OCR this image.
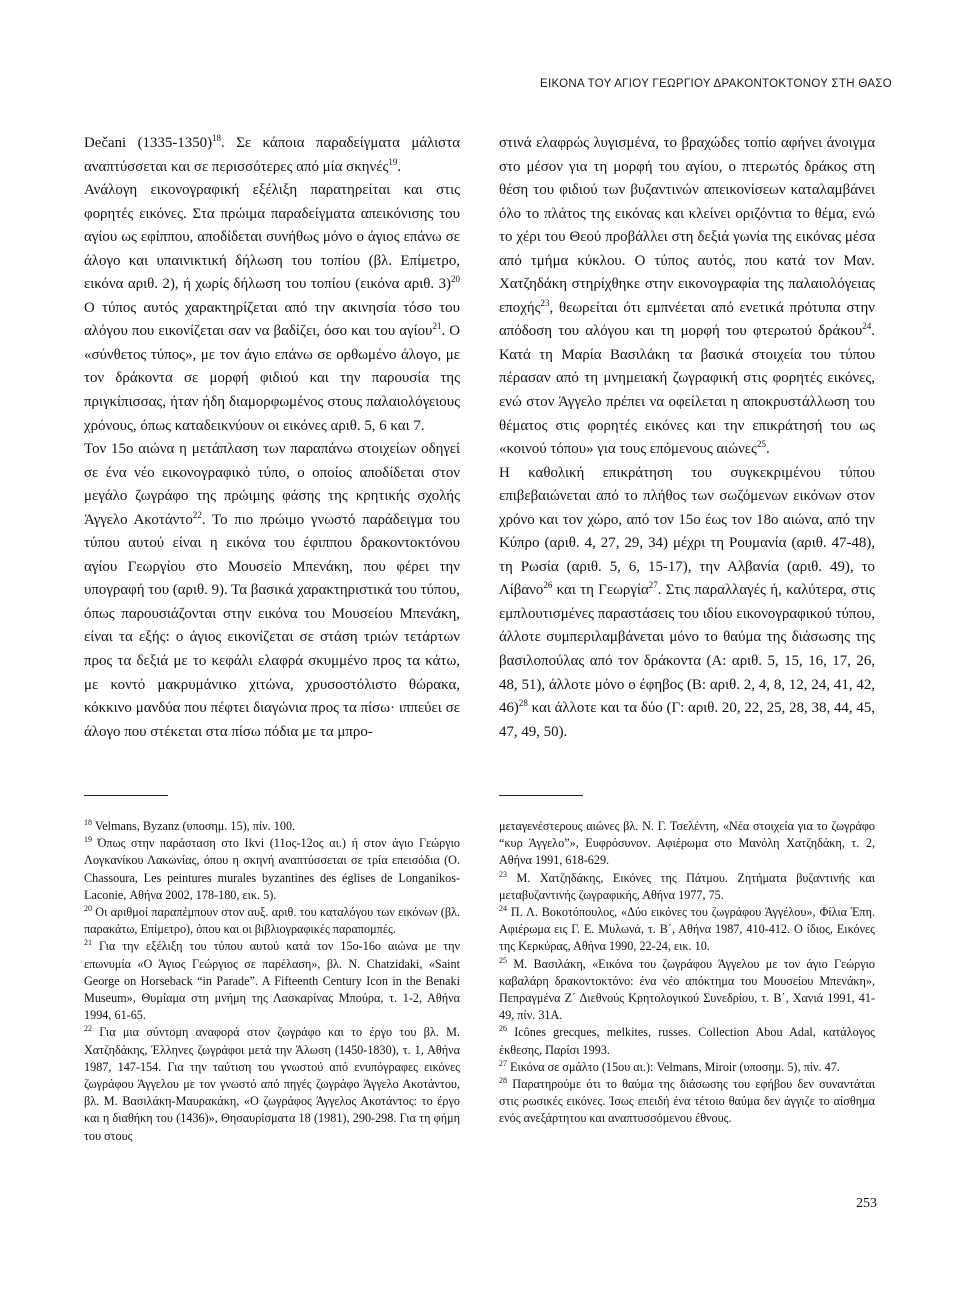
ΕΙΚΟΝΑ ΤΟΥ ΑΓΙΟΥ ΓΕΩΡΓΙΟΥ ΔΡΑΚΟΝΤΟΚΤΟΝΟΥ ΣΤΗ ΘΑΣΟ

Dečani (1335-1350)$^{18}$. Σε κάποια παραδείγματα μάλιστα αναπτύσσεται και σε περισσότερες από μία σκηνές$^{19}$.

Ανάλογη εικονογραφική εξέλιξη παρατηρείται και στις φορητές εικόνες. Στα πρώιμα παραδείγματα απεικόνισης του αγίου ως εφίππου, αποδίδεται συνήθως μόνο ο άγιος επάνω σε άλογο και υπαινικτική δήλωση του τοπίου (βλ. Επίμετρο, εικόνα αριθ. 2), ή χωρίς δήλωση του τοπίου (εικόνα αριθ. 3)$^{20}$ Ο τύπος αυτός χαρακτηρίζεται από την ακινησία τόσο του αλόγου που εικονίζεται σαν να βαδίζει, όσο και του αγίου$^{21}$. Ο «σύνθετος τύπος», με τον άγιο επάνω σε ορθωμένο άλογο, με τον δράκοντα σε μορφή φιδιού και την παρουσία της πριγκίπισσας, ήταν ήδη διαμορφωμένος στους παλαιολόγειους χρόνους, όπως καταδεικνύουν οι εικόνες αριθ. 5, 6 και 7.

Τον 15ο αιώνα η μετάπλαση των παραπάνω στοιχείων οδηγεί σε ένα νέο εικονογραφικό τύπο, ο οποίος αποδίδεται στον μεγάλο ζωγράφο της πρώιμης φάσης της κρητικής σχολής Άγγελο Ακοτάντο$^{22}$. Το πιο πρώιμο γνωστό παράδειγμα του τύπου αυτού είναι η εικόνα του έφιππου δρακοντοκτόνου αγίου Γεωργίου στο Μουσείο Μπενάκη, που φέρει την υπογραφή του (αριθ. 9). Τα βασικά χαρακτηριστικά του τύπου, όπως παρουσιάζονται στην εικόνα του Μουσείου Μπενάκη, είναι τα εξής: ο άγιος εικονίζεται σε στάση τριών τετάρτων προς τα δεξιά με το κεφάλι ελαφρά σκυμμένο προς τα κάτω, με κοντό μακρυμάνικο χιτώνα, χρυσοστόλιστο θώρακα, κόκκινο μανδύα που πέφτει διαγώνια προς τα πίσω· ιππεύει σε άλογο που στέκεται στα πίσω πόδια με τα μπρο-

στινά ελαφρώς λυγισμένα, το βραχώδες τοπίο αφήνει άνοιγμα στο μέσον για τη μορφή του αγίου, ο πτερωτός δράκος στη θέση του φιδιού των βυζαντινών απεικονίσεων καταλαμβάνει όλο το πλάτος της εικόνας και κλείνει οριζόντια το θέμα, ενώ το χέρι του Θεού προβάλλει στη δεξιά γωνία της εικόνας μέσα από τμήμα κύκλου. Ο τύπος αυτός, που κατά τον Μαν. Χατζηδάκη στηρίχθηκε στην εικονογραφία της παλαιολόγειας εποχής$^{23}$, θεωρείται ότι εμπνέεται από ενετικά πρότυπα στην απόδοση του αλόγου και τη μορφή του φτερωτού δράκου$^{24}$. Κατά τη Μαρία Βασιλάκη τα βασικά στοιχεία του τύπου πέρασαν από τη μνημειακή ζωγραφική στις φορητές εικόνες, ενώ στον Άγγελο πρέπει να οφείλεται η αποκρυστάλλωση του θέματος στις φορητές εικόνες και την επικράτησή του ως «κοινού τόπου» για τους επόμενους αιώνες$^{25}$.

Η καθολική επικράτηση του συγκεκριμένου τύπου επιβεβαιώνεται από το πλήθος των σωζόμενων εικόνων στον χρόνο και τον χώρο, από τον 15ο έως τον 18ο αιώνα, από την Κύπρο (αριθ. 4, 27, 29, 34) μέχρι τη Ρουμανία (αριθ. 47-48), τη Ρωσία (αριθ. 5, 6, 15-17), την Αλβανία (αριθ. 49), το Λίβανο$^{26}$ και τη Γεωργία$^{27}$. Στις παραλλαγές ή, καλύτερα, στις εμπλουτισμένες παραστάσεις του ιδίου εικονογραφικού τύπου, άλλοτε συμπεριλαμβάνεται μόνο το θαύμα της διάσωσης της βασιλοπούλας από τον δράκοντα (Α: αριθ. 5, 15, 16, 17, 26, 48, 51), άλλοτε μόνο ο έφηβος (Β: αριθ. 2, 4, 8, 12, 24, 41, 42, 46)$^{28}$ και άλλοτε και τα δύο (Γ: αριθ. 20, 22, 25, 28, 38, 44, 45, 47, 49, 50).

$^{18}$ Velmans, Byzanz (υποσημ. 15), πίν. 100.

$^{19}$ Όπως στην παράσταση στο Ikvi (11ος-12ος αι.) ή στον άγιο Γεώργιο Λογκανίκου Λακωνίας, όπου η σκηνή αναπτύσσεται σε τρία επεισόδια (O. Chassoura, Les peintures murales byzantines des églises de Longanikos-Laconie, Αθήνα 2002, 178-180, εικ. 5).

$^{20}$ Οι αριθμοί παραπέμπουν στον αυξ. αριθ. του καταλόγου των εικόνων (βλ. παρακάτω, Επίμετρο), όπου και οι βιβλιογραφικές παραπομπές.

$^{21}$ Για την εξέλιξη του τύπου αυτού κατά τον 15ο-16ο αιώνα με την επωνυμία «Ο Άγιος Γεώργιος σε παρέλαση», βλ. N. Chatzidaki, «Saint George on Horseback “in Parade”. A Fifteenth Century Icon in the Benaki Museum», Θυμίαμα στη μνήμη της Λασκαρίνας Μπούρα, τ. 1-2, Αθήνα 1994, 61-65.

$^{22}$ Για μια σύντομη αναφορά στον ζωγράφο και το έργο του βλ. Μ. Χατζηδάκης, Έλληνες ζωγράφοι μετά την Άλωση (1450-1830), τ. 1, Αθήνα 1987, 147-154. Για την ταύτιση του γνωστού από ενυπόγραφες εικόνες ζωγράφου Άγγελου με τον γνωστό από πηγές ζωγράφο Άγγελο Ακοτάντου, βλ. Μ. Βασιλάκη-Μαυρακάκη, «Ο ζωγράφος Άγγελος Ακοτάντος: το έργο και η διαθήκη του (1436)», Θησαυρίσματα 18 (1981), 290-298. Για τη φήμη του στους

μεταγενέστερους αιώνες βλ. Ν. Γ. Τσελέντη, «Νέα στοιχεία για το ζωγράφο “κυρ Άγγελο”», Ευφρόσυνον. Αφιέρωμα στο Μανόλη Χατζηδάκη, τ. 2, Αθήνα 1991, 618-629.

$^{23}$ Μ. Χατζηδάκης, Εικόνες της Πάτμου. Ζητήματα βυζαντινής και μεταβυζαντινής ζωγραφικής, Αθήνα 1977, 75.

$^{24}$ Π. Λ. Βοκοτόπουλος, «Δύο εικόνες του ζωγράφου Άγγέλου», Φίλια Έπη. Αφιέρωμα εις Γ. Ε. Μυλωνά, τ. Β΄, Αθήνα 1987, 410-412. Ο ίδιος, Εικόνες της Κερκύρας, Αθήνα 1990, 22-24, εικ. 10.

$^{25}$ Μ. Βασιλάκη, «Εικόνα του ζωγράφου Άγγελου με τον άγιο Γεώργιο καβαλάρη δρακοντοκτόνο: ένα νέο απόκτημα του Μουσείου Μπενάκη», Πεπραγμένα Ζ΄ Διεθνούς Κρητολογικού Συνεδρίου, τ. Β΄, Χανιά 1991, 41-49, πίν. 31Α.

$^{26}$ Icônes grecques, melkites, russes. Collection Abou Adal, κατάλογος έκθεσης, Παρίσι 1993.

$^{27}$ Εικόνα σε σμάλτο (15ου αι.): Velmans, Miroir (υποσημ. 5), πίν. 47.

$^{28}$ Παρατηρούμε ότι το θαύμα της διάσωσης του εφήβου δεν συναντάται στις ρωσικές εικόνες. Ίσως επειδή ένα τέτοιο θαύμα δεν άγγιζε το αίσθημα ενός ανεξάρτητου και αναπτυσσόμενου έθνους.

253
